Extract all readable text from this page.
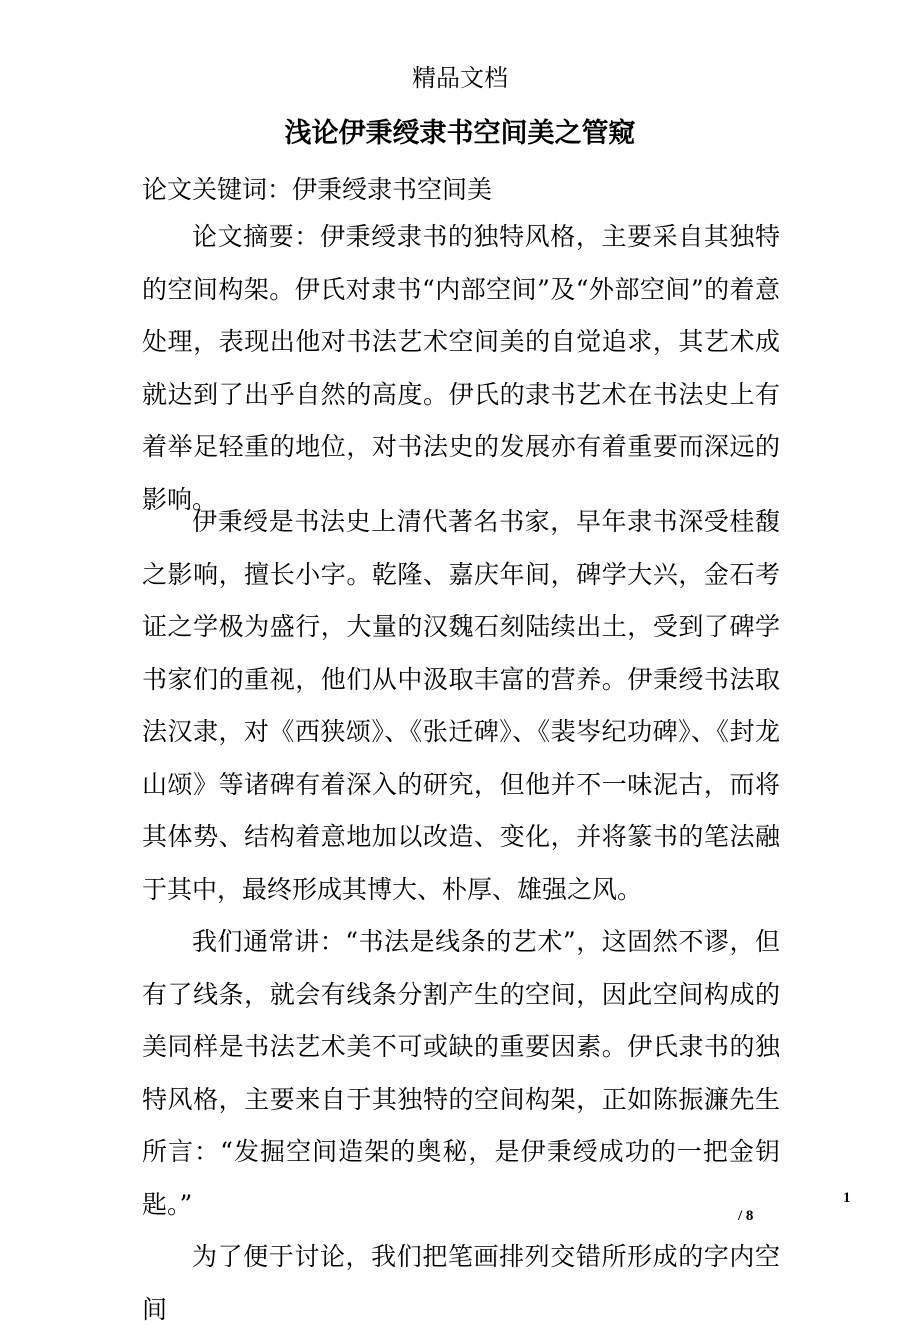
精品文档
浅论伊秉绶隶书空间美之管窥

论文关键词：伊秉绶隶书空间美

论文摘要：伊秉绶隶书的独特风格，主要采自其独特的空间构架。伊氏对隶书“内部空间”及“外部空间”的着意处理，表现出他对书法艺术空间美的自觉追求，其艺术成就达到了出乎自然的高度。伊氏的隶书艺术在书法史上有着举足轻重的地位，对书法史的发展亦有着重要而深远的影响。

伊秉绶是书法史上清代著名书家，早年隶书深受桂馥之影响，擅长小字。乾隆、嘉庆年间，碑学大兴，金石考证之学极为盛行，大量的汉魏石刻陆续出土，受到了碑学书家们的重视，他们从中汲取丰富的营养。伊秉绶书法取法汉隶，对《西狭颂》、《张迁碑》、《裴岑纪功碑》、《封龙山颂》等诸碑有着深入的研究，但他并不一味泥古，而将其体势、结构着意地加以改造、变化，并将篆书的笔法融于其中，最终形成其博大、朴厚、雄强之风。

我们通常讲：“书法是线条的艺术”，这固然不谬，但有了线条，就会有线条分割产生的空间，因此空间构成的美同样是书法艺术美不可或缺的重要因素。伊氏隶书的独特风格，主要来自于其独特的空间构架，正如陈振濂先生所言：“发掘空间造架的奥秘，是伊秉绶成功的一把金钥匙。”

为了便于讨论，我们把笔画排列交错所形成的字内空间

1
/ 8
